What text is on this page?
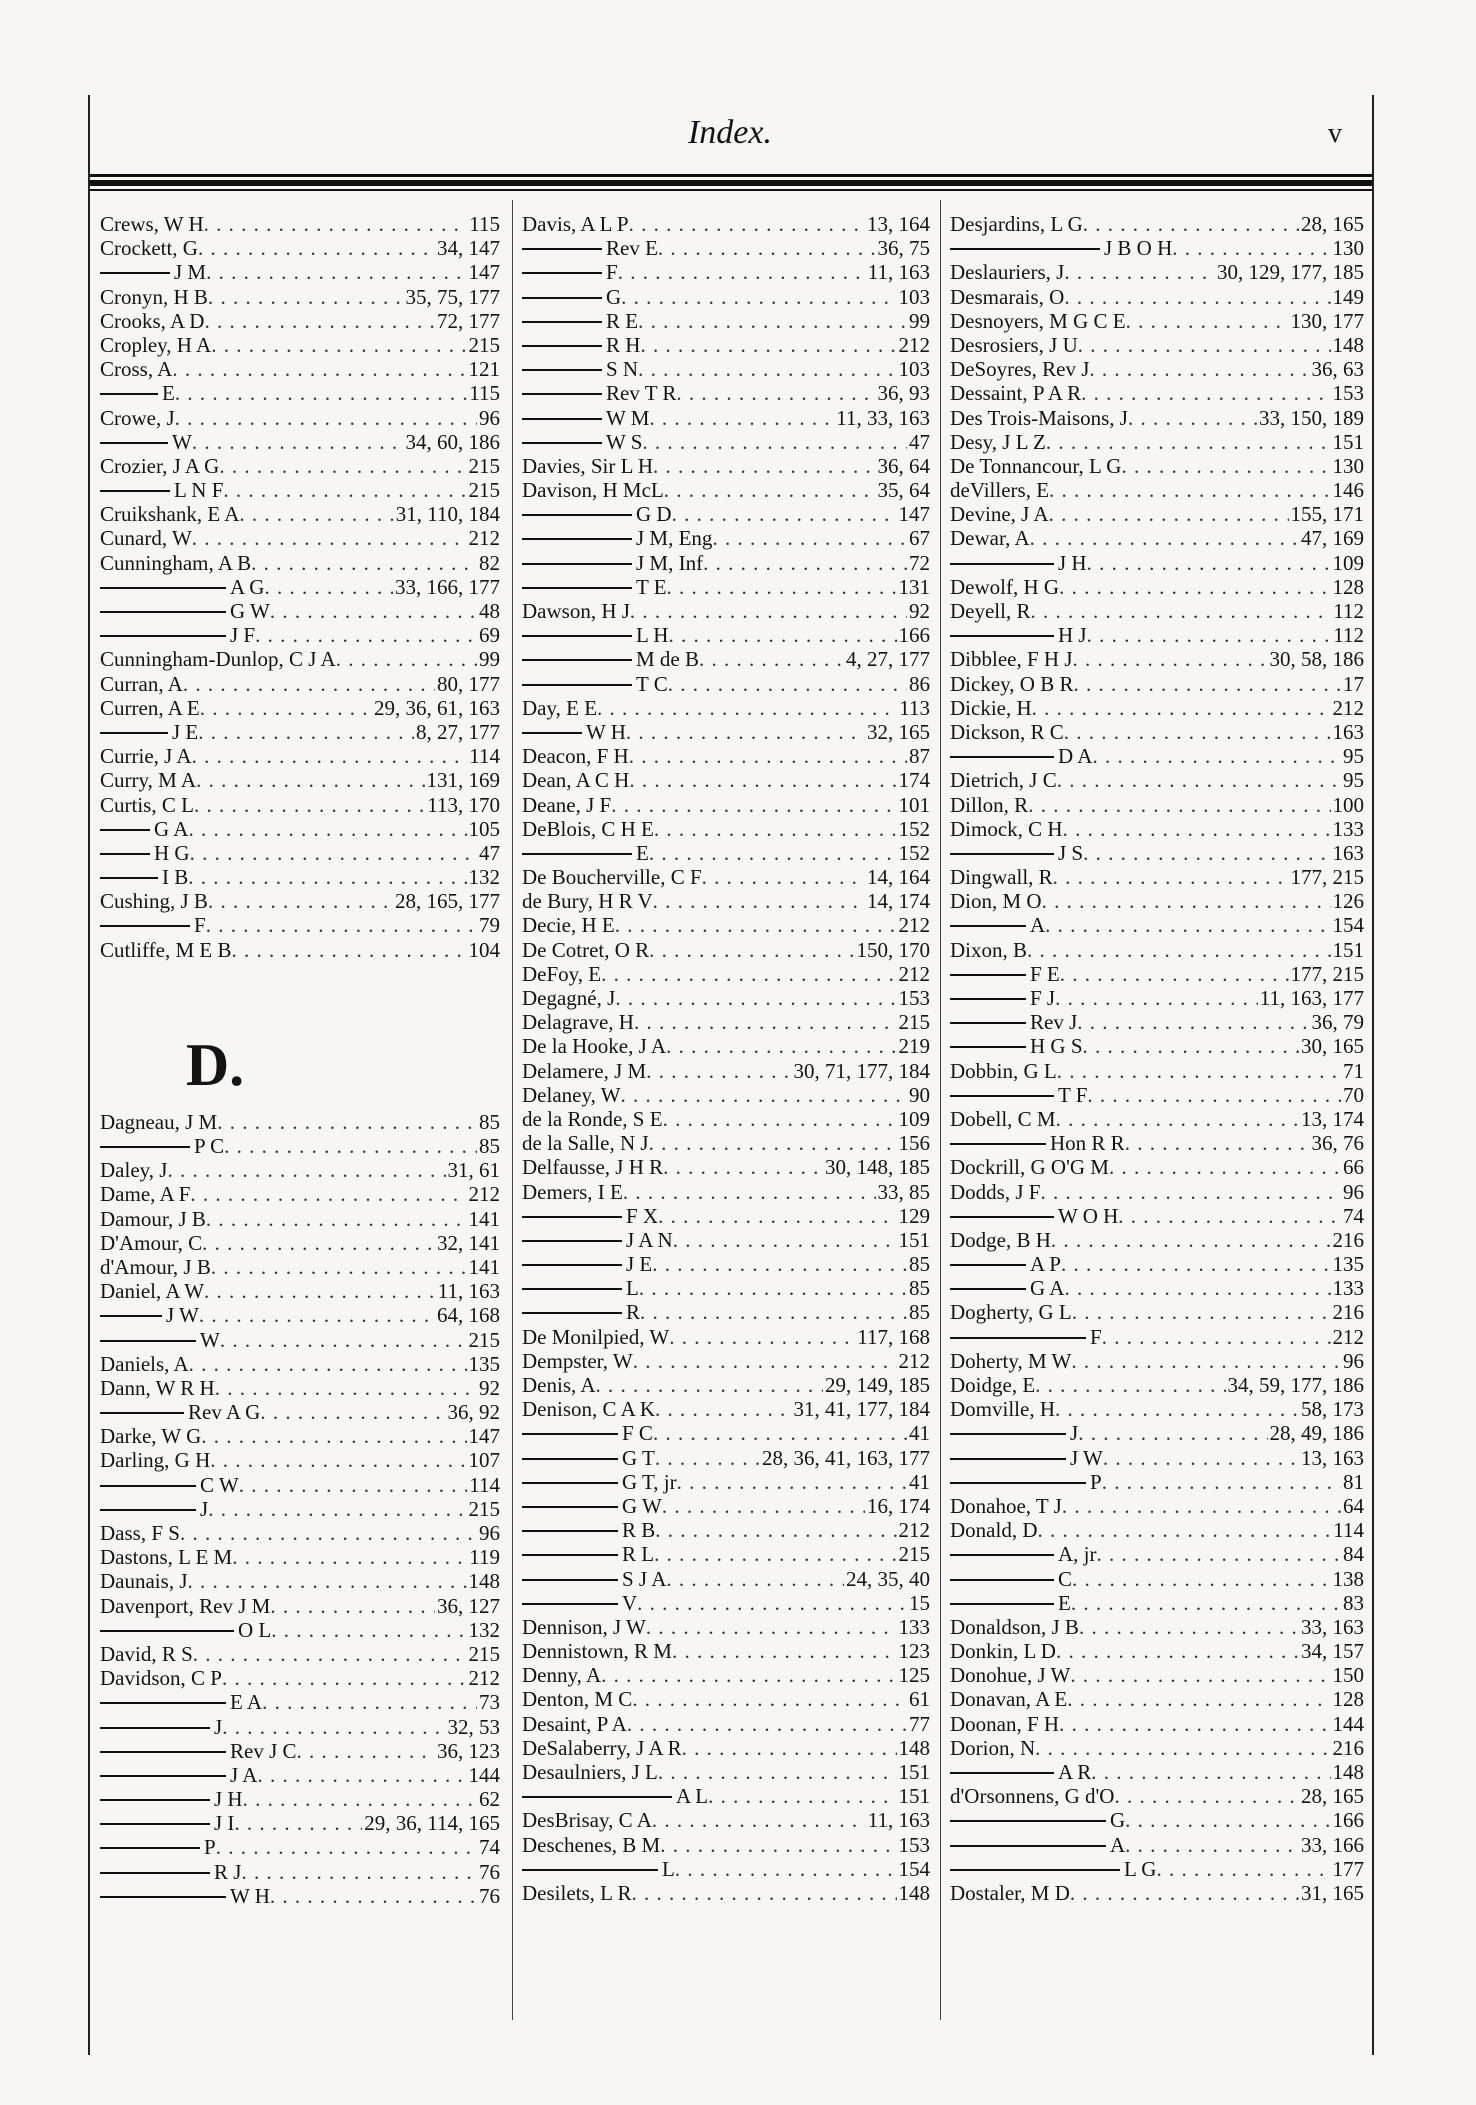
Index.	v
Crews, W H . . .	115
Crockett, G . . .	34, 147
J M . . .	147
Cronyn, H B . . .	35, 75, 177
Crooks, A D . . .	72, 177
Cropley, H A . . .	215
Cross, A . . .	121
E . . .	115
Crowe, J . . .	96
W . . .	34, 60, 186
Crozier, J A G . . .	215
L N F . . .	215
Cruikshank, E A . . .	31, 110, 184
Cunard, W . . .	212
Cunningham, A B . . .	82
A G . . .	33, 166, 177
G W . . .	48
J F . . .	69
Cunningham-Dunlop, C J A . . .	99
Curran, A . . .	80, 177
Curren, A E . . .	29, 36, 61, 163
J E . . .	8, 27, 177
Currie, J A . . .	114
Curry, M A . . .	131, 169
Curtis, C L . . .	113, 170
G A . . .	105
H G . . .	47
I B . . .	132
Cushing, J B . . .	28, 165, 177
F . . .	79
Cutliffe, M E B . . .	104
D.
Dagneau, J M . . .	85
P C . . .	85
Daley, J . . .	31, 61
Dame, A F . . .	212
Damour, J B . . .	141
D'Amour, C . . .	32, 141
d'Amour, J B . . .	141
Daniel, A W . . .	11, 163
J W . . .	64, 168
W . . .	215
Daniels, A . . .	135
Dann, W R H . . .	92
Rev A G . . .	36, 92
Darke, W G . . .	147
Darling, G H . . .	107
C W . . .	114
J . . .	215
Dass, F S . . .	96
Dastons, L E M . . .	119
Daunais, J . . .	148
Davenport, Rev J M . . .	36, 127
O L . . .	132
David, R S . . .	215
Davidson, C P . . .	212
E A . . .	73
J . . .	32, 53
Rev J C . . .	36, 123
J A . . .	144
J H . . .	62
J I . . .	29, 36, 114, 165
P . . .	74
R J . . .	76
W H . . .	76
Davis, A L P . . .	13, 164
Rev E . . .	36, 75
F . . .	11, 163
G . . .	103
R E . . .	99
R H . . .	212
S N . . .	103
Rev T R . . .	36, 93
W M . . .	11, 33, 163
W S . . .	47
Davies, Sir L H . . .	36, 64
Davison, H McL . . .	35, 64
G D . . .	147
J M, Eng . . .	67
J M, Inf . . .	72
T E . . .	131
Dawson, H J . . .	92
L H . . .	166
M de B . . .	4, 27, 177
T C . . .	86
Day, E E . . .	113
W H . . .	32, 165
Deacon, F H . . .	87
Dean, A C H . . .	174
Deane, J F . . .	101
DeBlois, C H E . . .	152
E . . .	152
De Boucherville, C F . . .	14, 164
de Bury, H R V . . .	14, 174
Decie, H E . . .	212
De Cotret, O R . . .	150, 170
DeFoy, E . . .	212
Degagné, J . . .	153
Delagrave, H . . .	215
De la Hooke, J A . . .	219
Delamere, J M . . .	30, 71, 177, 184
Delaney, W . . .	90
de la Ronde, S E . . .	109
de la Salle, N J . . .	156
Delfausse, J H R . . .	30, 148, 185
Demers, I E . . .	33, 85
F X . . .	129
J A N . . .	151
J E . . .	85
L . . .	85
R . . .	85
De Monilpied, W . . .	117, 168
Dempster, W . . .	212
Denis, A . . .	29, 149, 185
Denison, C A K . . .	31, 41, 177, 184
F C . . .	41
G T . . .	28, 36, 41, 163, 177
G T, jr . . .	41
G W . . .	16, 174
R B . . .	212
R L . . .	215
S J A . . .	24, 35, 40
V . . .	15
Dennison, J W . . .	133
Dennistown, R M . . .	123
Denny, A . . .	125
Denton, M C . . .	61
Desaint, P A . . .	77
DeSalaberry, J A R . . .	148
Desaulniers, J L . . .	151
A L . . .	151
DesBrisay, C A . . .	11, 163
Deschenes, B M . . .	153
L . . .	154
Desilets, L R . . .	148
Desjardins, L G . . .	28, 165
J B O H . . .	130
Deslauriers, J . . .	30, 129, 177, 185
Desmarais, O . . .	149
Desnoyers, M G C E . . .	130, 177
Desrosiers, J U . . .	148
DeSoyres, Rev J . . .	36, 63
Dessaint, P A R . . .	153
Des Trois-Maisons, J . . .	33, 150, 189
Desy, J L Z . . .	151
De Tonnancour, L G . . .	130
deVillers, E . . .	146
Devine, J A . . .	155, 171
Dewar, A . . .	47, 169
J H . . .	109
Dewolf, H G . . .	128
Deyell, R . . .	112
H J . . .	112
Dibblee, F H J . . .	30, 58, 186
Dickey, O B R . . .	17
Dickie, H . . .	212
Dickson, R C . . .	163
D A . . .	95
Dietrich, J C . . .	95
Dillon, R . . .	100
Dimock, C H . . .	133
J S . . .	163
Dingwall, R . . .	177, 215
Dion, M O . . .	126
A . . .	154
Dixon, B . . .	151
F E . . .	177, 215
F J . . .	11, 163, 177
Rev J . . .	36, 79
H G S . . .	30, 165
Dobbin, G L . . .	71
T F . . .	70
Dobell, C M . . .	13, 174
Hon R R . . .	36, 76
Dockrill, G O'G M . . .	66
Dodds, J F . . .	96
W O H . . .	74
Dodge, B H . . .	216
A P . . .	135
G A . . .	133
Dogherty, G L . . .	216
F . . .	212
Doherty, M W . . .	96
Doidge, E . . .	34, 59, 177, 186
Domville, H . . .	58, 173
J . . .	28, 49, 186
J W . . .	13, 163
P . . .	81
Donahoe, T J . . .	64
Donald, D . . .	114
A, jr . . .	84
C . . .	138
E . . .	83
Donaldson, J B . . .	33, 163
Donkin, L D . . .	34, 157
Donohue, J W . . .	150
Donavan, A E . . .	128
Doonan, F H . . .	144
Dorion, N . . .	216
A R . . .	148
d'Orsonnens, G d'O . . .	28, 165
G . . .	166
A . . .	33, 166
L G . . .	177
Dostaler, M D . . .	31, 165
